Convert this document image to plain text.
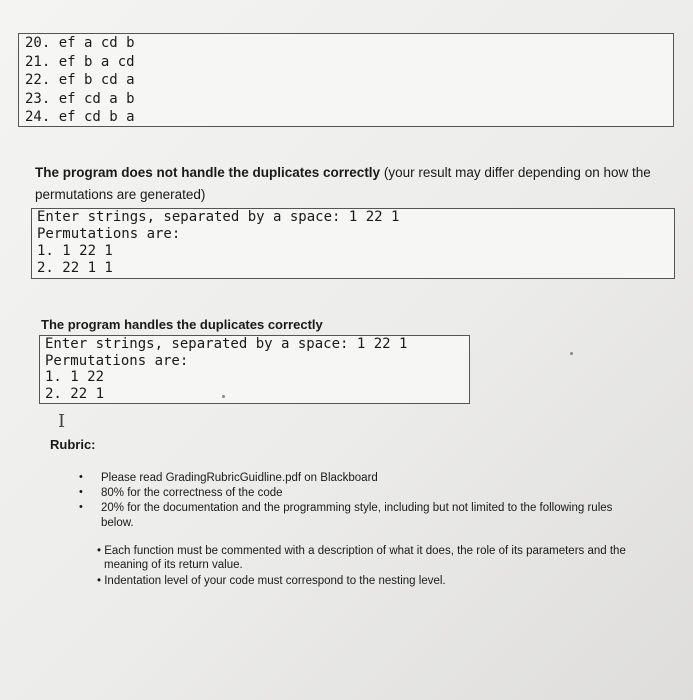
20. ef a cd b
21. ef b a cd
22. ef b cd a
23. ef cd a b
24. ef cd b a
The program does not handle the duplicates correctly (your result may differ depending on how the
permutations are generated)
Enter strings, separated by a space: 1 22 1
Permutations are:
1. 1 22 1
2. 22 1 1
The program handles the duplicates correctly
Enter strings, separated by a space: 1 22 1
Permutations are:
1. 1 22
2. 22 1
I
Rubric:
• Please read GradingRubricGuidline.pdf on Blackboard
• 80% for the correctness of the code
• 20% for the documentation and the programming style, including but not limited to the following rules
below.
• Each function must be commented with a description of what it does, the role of its parameters and the
meaning of its return value.
• Indentation level of your code must correspond to the nesting level.
